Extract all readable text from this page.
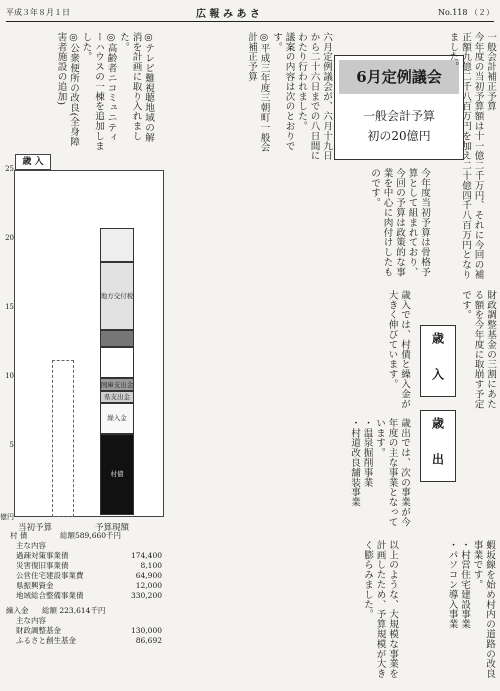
平成３年８月１日	広 報 み あ さ	No.118 （２）
6月定例議会
一般会計予算
初の20億円
一般会計補正予算
今年度の当初予算額は十一億二千万円、それに今回の補正額九億二千八百万円を加え二十億四千八百万円となりました。
六月定例議会が、六月十九日から二十六日までの八日間にわたり行われました。
議案の内容は次のとおりです。
◎平成三年度三朝町一般会計補正予算
今年度当初予算は骨格予算として組まれており、今回の予算は政策的な事業を中心に肉付けしたものです。
財政調整基金の三割にあたる額を今年度に取崩す予定です。
歳 入
歳 出
歳入では、村債と繰入金が大きく伸びています。
歳出では、次の事業が今年度の主な事業となっています。
・温泉掘削事業
・村道改良舗装事業
以上のような、大規模な事業を計画したため、予算規模が大きく膨らみました。	蝦坂線を始め村内の道路の改良事業です。
・村営住宅建設事業
・パソコン導入事業
◎テレビ難視聴地域の解消を計画に取り入れました。
◎高齢者ニコミュニティーハウスの一棟を追加しました。
◎公衆便所の改良(全身障害者施設の追加)
歳 入
5
10
15
20
25
村債
繰入金
県支出金
国庫支出金
地方交付税
億円
当初予算	予算現額
村 債	総額589,660千円
主な内容
過疎対策事業債	174,400
災害復旧事業債	8,100
公営住宅建設事業費	64,900
県振興資金	12,000
地域総合整備事業債	330,200
繰入金 総額 223,614千円
主な内容
財政調整基金	130,000
ふるさと創生基金	86,692
